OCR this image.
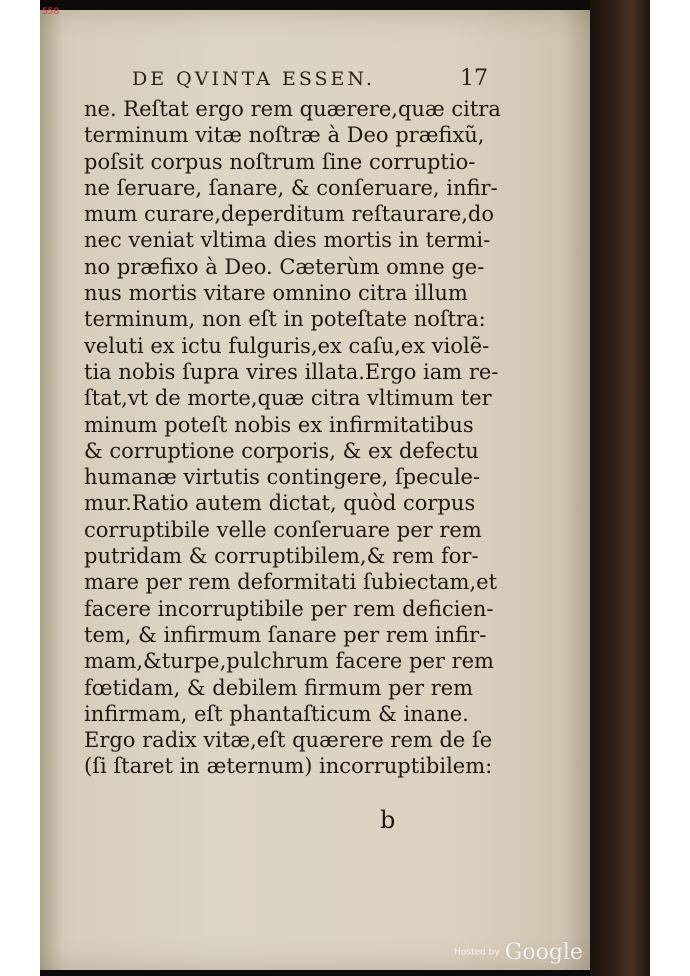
558
DE QVINTA ESSEN.	17
ne. Reſtat ergo rem quærere,quæ citra
terminum vitæ noſtræ à Deo præfixũ,
poſsit corpus noſtrum ſine corruptio-
ne ſeruare, ſanare, & conſeruare, infir-
mum curare,deperditum reſtaurare,do
nec veniat vltima dies mortis in termi-
no præfixo à Deo. Cæterùm omne ge-
nus mortis vitare omnino citra illum
terminum, non eſt in poteſtate noſtra:
veluti ex ictu fulguris,ex caſu,ex violẽ-
tia nobis ſupra vires illata.Ergo iam re-
ſtat,vt de morte,quæ citra vltimum ter
minum poteſt nobis ex infirmitatibus
& corruptione corporis, & ex defectu
humanæ virtutis contingere, ſpecule-
mur.Ratio autem dictat, quòd corpus
corruptibile velle conſeruare per rem
putridam & corruptibilem,& rem for-
mare per rem deformitati ſubiectam,et
facere incorruptibile per rem deficien-
tem, & infirmum ſanare per rem infir-
mam,&turpe,pulchrum facere per rem
fœtidam, & debilem firmum per rem
infirmam, eſt phantaſticum & inane.
Ergo radix vitæ,eſt quærere rem de ſe
(ſi ſtaret in æternum) incorruptibilem:
b
Hosted by Google
